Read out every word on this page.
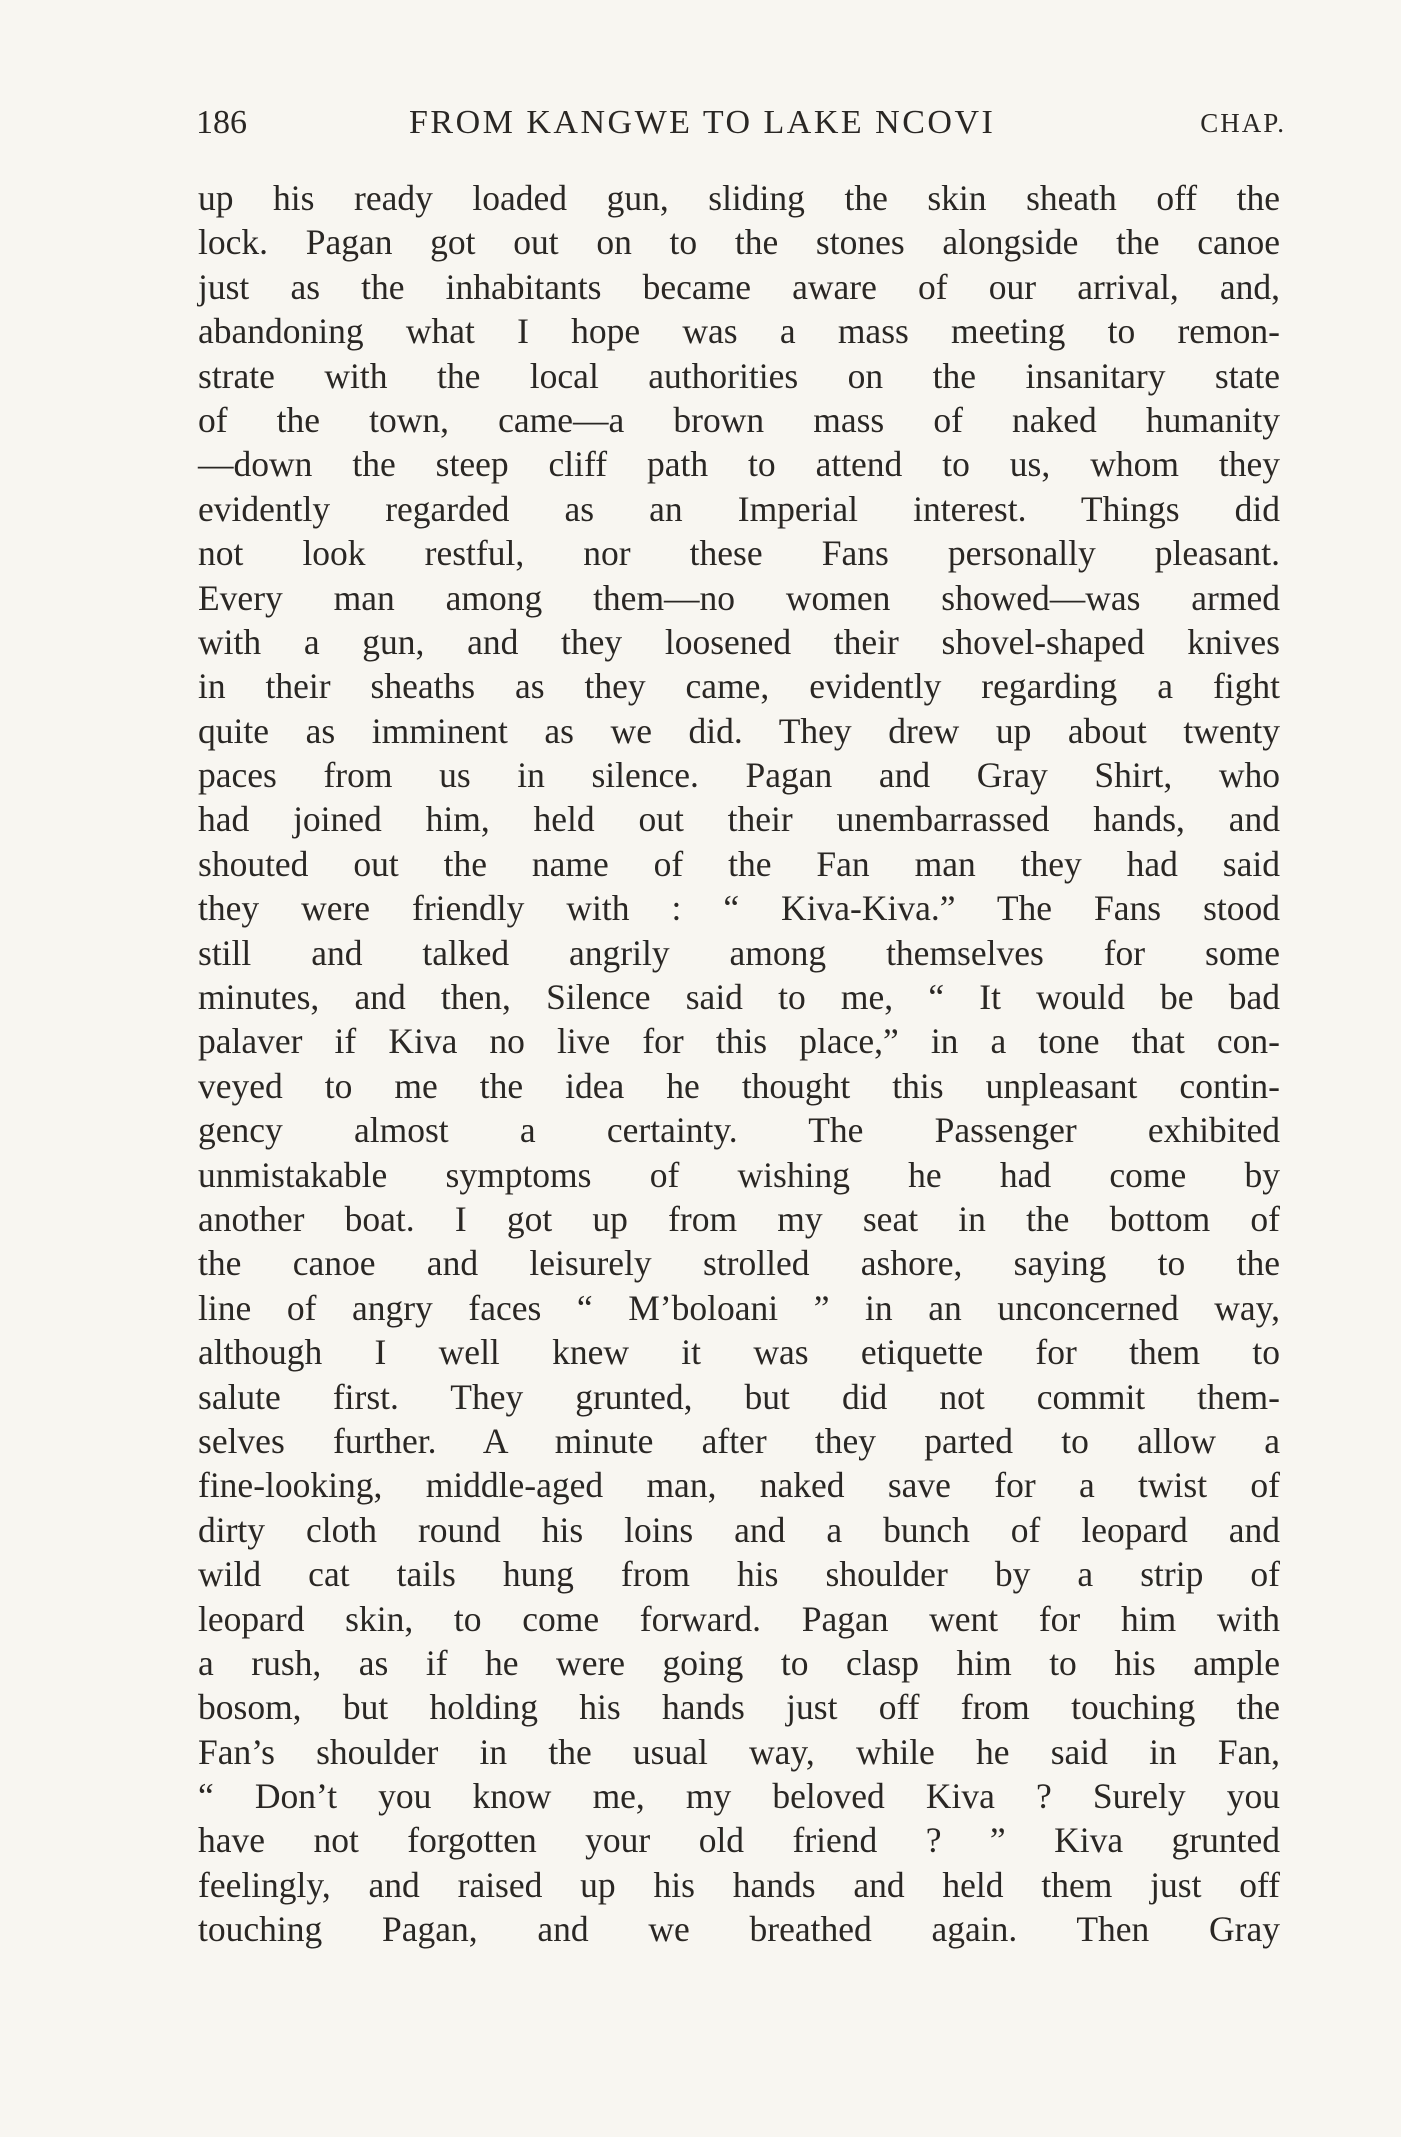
186	FROM KANGWE TO LAKE NCOVI	CHAP.
up his ready loaded gun, sliding the skin sheath off the
lock. Pagan got out on to the stones alongside the canoe
just as the inhabitants became aware of our arrival, and,
abandoning what I hope was a mass meeting to remon-
strate with the local authorities on the insanitary state
of the town, came—a brown mass of naked humanity
—down the steep cliff path to attend to us, whom they
evidently regarded as an Imperial interest. Things did
not look restful, nor these Fans personally pleasant.
Every man among them—no women showed—was armed
with a gun, and they loosened their shovel-shaped knives
in their sheaths as they came, evidently regarding a fight
quite as imminent as we did. They drew up about twenty
paces from us in silence. Pagan and Gray Shirt, who
had joined him, held out their unembarrassed hands, and
shouted out the name of the Fan man they had said
they were friendly with : “ Kiva-Kiva.” The Fans stood
still and talked angrily among themselves for some
minutes, and then, Silence said to me, “ It would be bad
palaver if Kiva no live for this place,” in a tone that con-
veyed to me the idea he thought this unpleasant contin-
gency almost a certainty. The Passenger exhibited
unmistakable symptoms of wishing he had come by
another boat. I got up from my seat in the bottom of
the canoe and leisurely strolled ashore, saying to the
line of angry faces “ M’boloani ” in an unconcerned way,
although I well knew it was etiquette for them to
salute first. They grunted, but did not commit them-
selves further. A minute after they parted to allow a
fine-looking, middle-aged man, naked save for a twist of
dirty cloth round his loins and a bunch of leopard and
wild cat tails hung from his shoulder by a strip of
leopard skin, to come forward. Pagan went for him with
a rush, as if he were going to clasp him to his ample
bosom, but holding his hands just off from touching the
Fan’s shoulder in the usual way, while he said in Fan,
“ Don’t you know me, my beloved Kiva ? Surely you
have not forgotten your old friend ? ” Kiva grunted
feelingly, and raised up his hands and held them just off
touching Pagan, and we breathed again. Then Gray
